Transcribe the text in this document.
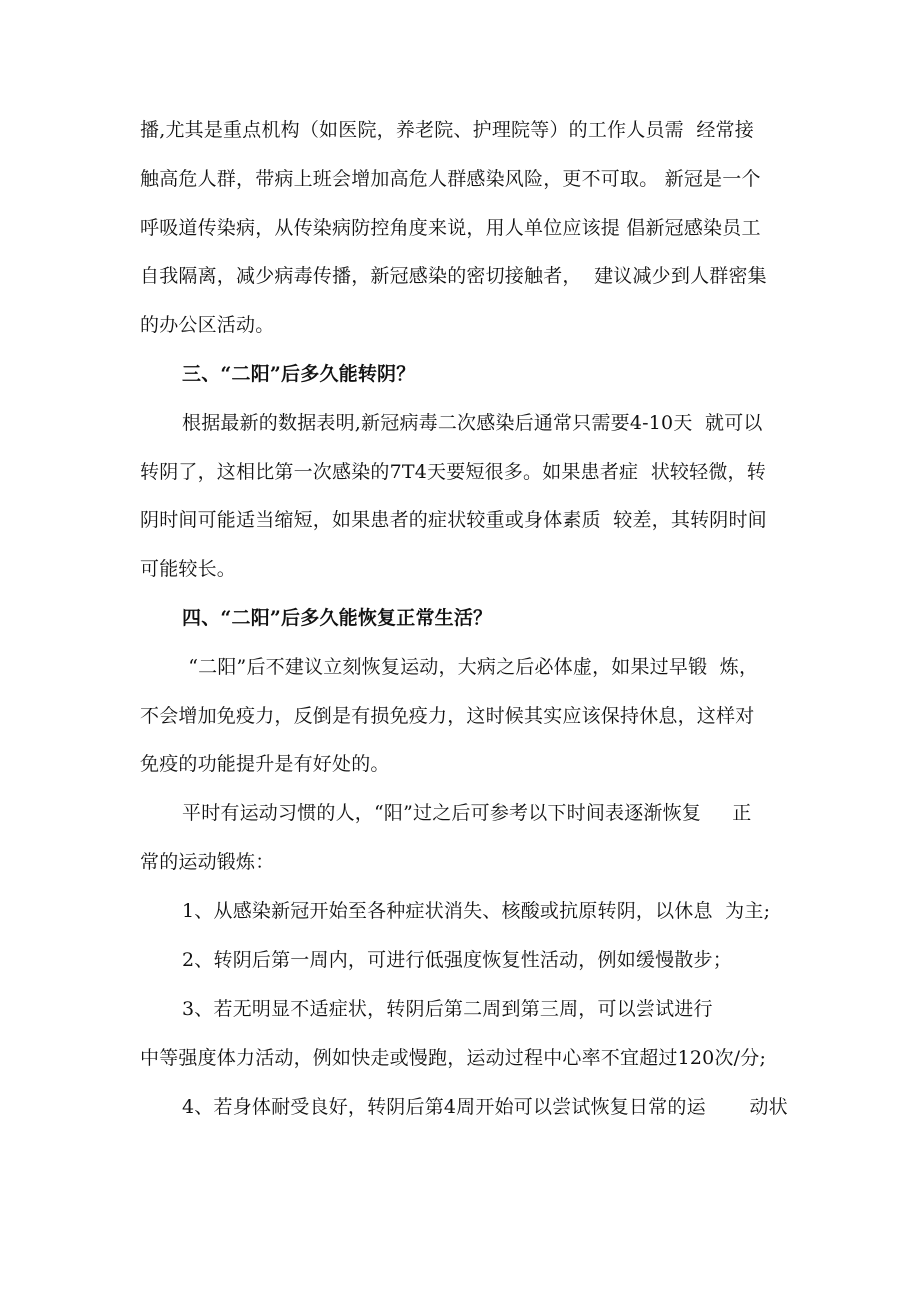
播,尤其是重点机构（如医院，养老院、护理院等）的工作人员需  经常接
触高危人群，带病上班会增加高危人群感染风险，更不可取。 新冠是一个
呼吸道传染病，从传染病防控角度来说，用人单位应该提 倡新冠感染员工
自我隔离，减少病毒传播，新冠感染的密切接触者，  建议减少到人群密集
的办公区活动。
三、“二阳”后多久能转阴？
根据最新的数据表明,新冠病毒二次感染后通常只需要4-10天  就可以
转阴了，这相比第一次感染的7T4天要短很多。如果患者症  状较轻微，转
阴时间可能适当缩短，如果患者的症状较重或身体素质  较差，其转阴时间
可能较长。
四、“二阳”后多久能恢复正常生活？
“二阳”后不建议立刻恢复运动，大病之后必体虚，如果过早锻  炼，
不会增加免疫力，反倒是有损免疫力，这时候其实应该保持休息，这样对
免疫的功能提升是有好处的。
平时有运动习惯的人，“阳”过之后可参考以下时间表逐渐恢复     正
常的运动锻炼：
1、从感染新冠开始至各种症状消失、核酸或抗原转阴，以休息  为主;
2、转阴后第一周内，可进行低强度恢复性活动，例如缓慢散步；
3、若无明显不适症状，转阴后第二周到第三周，可以尝试进行
中等强度体力活动，例如快走或慢跑，运动过程中心率不宜超过120次/分;
4、若身体耐受良好，转阴后第4周开始可以尝试恢复日常的运       动状
